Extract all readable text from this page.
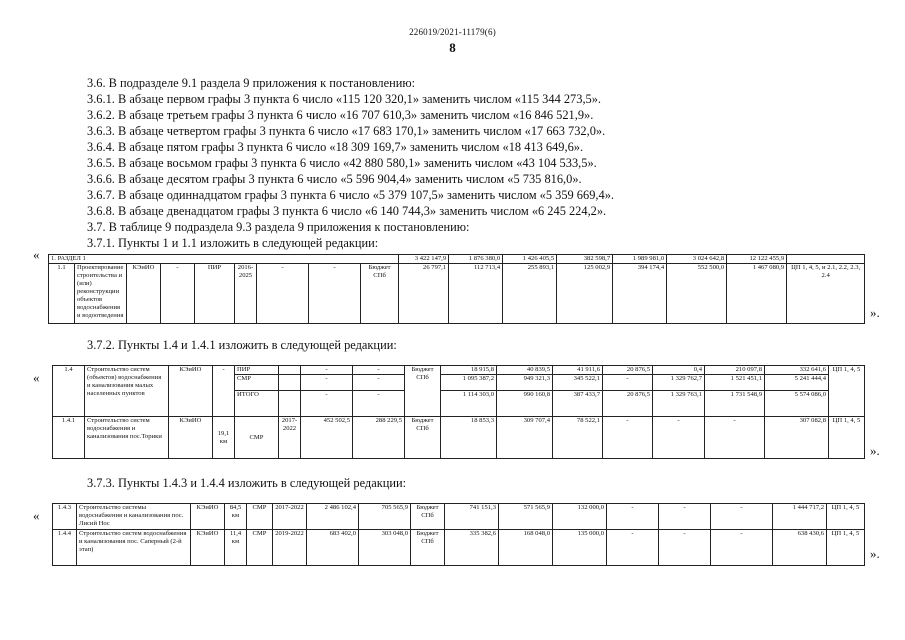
226019/2021-11179(6)
8
3.6. В подразделе 9.1 раздела 9 приложения к постановлению:
3.6.1. В абзаце первом графы 3 пункта 6 число «115 120 320,1» заменить числом «115 344 273,5».
3.6.2. В абзаце третьем графы 3 пункта 6 число «16 707 610,3» заменить числом «16 846 521,9».
3.6.3. В абзаце четвертом графы 3 пункта 6 число «17 683 170,1» заменить числом «17 663 732,0».
3.6.4. В абзаце пятом графы 3 пункта 6 число «18 309 169,7» заменить числом «18 413 649,6».
3.6.5. В абзаце восьмом графы 3 пункта 6 число «42 880 580,1» заменить числом «43 104 533,5».
3.6.6. В абзаце десятом графы 3 пункта 6 число «5 596 904,4» заменить числом «5 735 816,0».
3.6.7. В абзаце одиннадцатом графы 3 пункта 6 число «5 379 107,5» заменить числом «5 359 669,4».
3.6.8. В абзаце двенадцатом графы 3 пункта 6 число «6 140 744,3» заменить числом «6 245 224,2».
3.7. В таблице 9 подраздела 9.3 раздела 9 приложения к постановлению:
3.7.1. Пункты 1 и 1.1 изложить в следующей редакции:
« 1. РАЗДЕЛ 1									3 422 147,9	1 876 380,0	1 426 405,5	382 598,7	1 989 981,0	3 024 642,8	12 122 455,9	
1.1	Проектирование строительства и (или) реконструкции объектов водоснабжения и водоотведения	КЭиИО	-	ПИР	2016-2025	-	-	Бюджет СПб	26 797,1	112 713,4	255 893,1	125 002,9	394 174,4	552 500,0	1 467 080,9	ЦП 1, 4, 5, и 2.1, 2.2, 2.3, 2.4
».
3.7.2. Пункты 1.4 и 1.4.1 изложить в следующей редакции:
«
1.4	Строительство систем (объектов) водоснабжения и канализования малых населенных пунктов	КЭиИО	-	ПИР		-	-	Бюджет СПб	18 915,8	40 839,5	41 911,6	20 876,5	0,4	210 097,8	332 641,6	ЦП 1, 4, 5
				СМР		-	-		1 095 387,2	949 321,3	345 522,1	-	1 329 762,7	1 521 451,1	5 241 444,4	
				ИТОГО		-	-		1 114 303,0	990 160,8	387 433,7	20 876,5	1 329 763,1	1 731 548,9	5 574 086,0	
1.4.1	Строительство систем водоснабжения и канализования пос.Торики	КЭиИО	19,1 км	СМР	2017-2022	452 502,5	288 229,5	Бюджет СПб	18 853,3	309 707,4	78 522,1	-	-	-	307 082,8	ЦП 1, 4, 5
».
3.7.3. Пункты 1.4.3 и 1.4.4 изложить в следующей редакции:
«
1.4.3	Строительство системы водоснабжения и канализования пос. Лисий Нос	КЭиИО	84,5 км	СМР	2017-2022	2 486 102,4	705 565,9	Бюджет СПб	741 151,3	571 565,9	132 000,0	-	-	-	1 444 717,2	ЦП 1, 4, 5
1.4.4	Строительство систем водоснабжения и канализования пос. Саперный (2-й этап)	КЭиИО	11,4 км	СМР	2019-2022	683 402,0	303 048,0	Бюджет СПб	335 382,6	168 048,0	135 000,0	-	-	-	638 430,6	ЦП 1, 4, 5
».
